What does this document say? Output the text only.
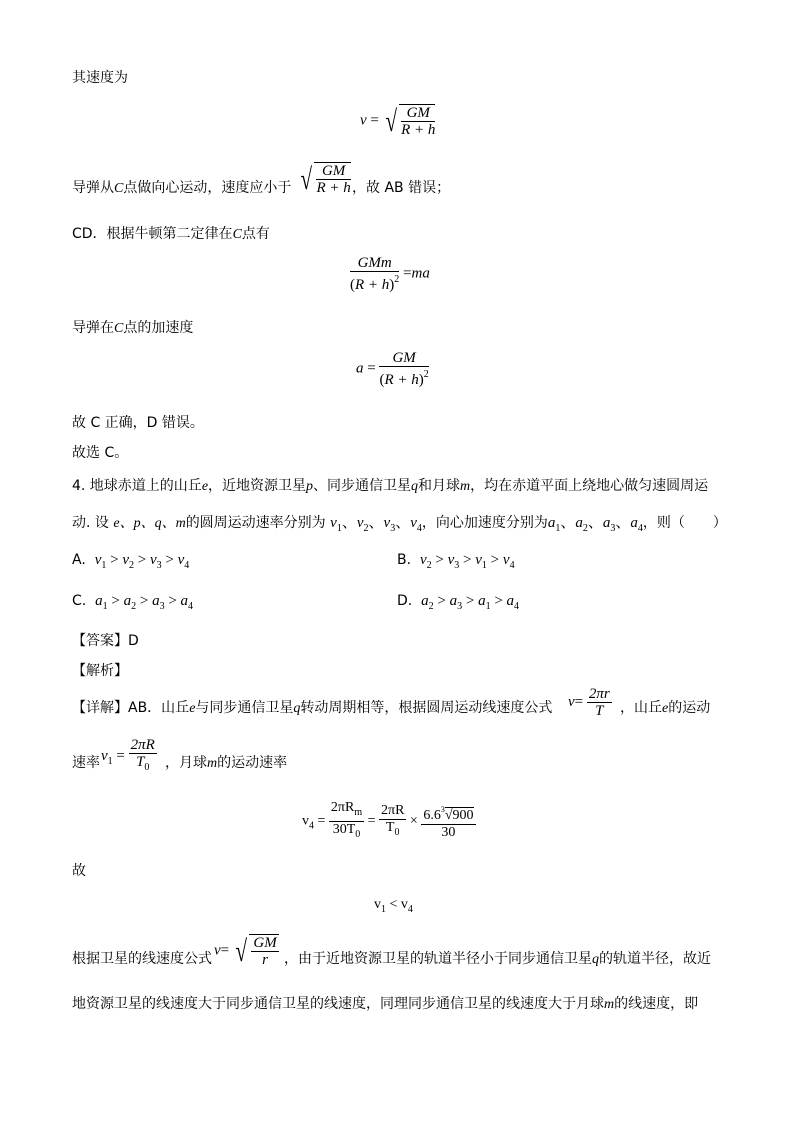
其速度为
v = √ $\frac{GM}{R + h}$
导弹从C点做向心运动，速度应小于 √ $\frac{GM}{R + h}$ ，故 AB 错误；
CD．根据牛顿第二定律在C点有
$\frac{\text{GMm}}{(R + h)^2} =ma$
导弹在C点的加速度
$a = \frac{GM}{(R + h)^2}$
故 C 正确，D 错误。
故选 C。
4. 地球赤道上的山丘e，近地资源卫星p、同步通信卫星q和月球m，均在赤道平面上绕地心做匀速圆周运
动. 设 e、p、q、m的圆周运动速率分别为 $v_1$、$v_2$、$v_3$、$v_4$，向心加速度分别为$a_1$、$a_2$、$a_3$、$a_4$，则（　　）
A. $v_1 > v_2 > v_3 > v_4$	B. $v_2 > v_3 > v_1 > v_4$
C. $a_1 > a_2 > a_3 > a_4$	D. $a_2 > a_3 > a_1 > a_4$
【答案】D
【解析】
【详解】AB．山丘e与同步通信卫星q转动周期相等，根据圆周运动线速度公式 $v= \frac{2\pi r}{T}$ ，山丘e的运动
速率 $v_1 = \frac{2\pi R}{T_0}$ ，月球m的运动速率
$v_4 = \frac{2\pi R_m}{30T_0} = \frac{2\pi R}{T_0} \times \frac{6.6^3√900}{30}$
故
$v_1 < v_4$
根据卫星的线速度公式
v= √ $\frac{GM}{r}$ ，由于近地资源卫星的轨道半径小于同步通信卫星q的轨道半径，故近
地资源卫星的线速度大于同步通信卫星的线速度，同理同步通信卫星的线速度大于月球m的线速度，即
